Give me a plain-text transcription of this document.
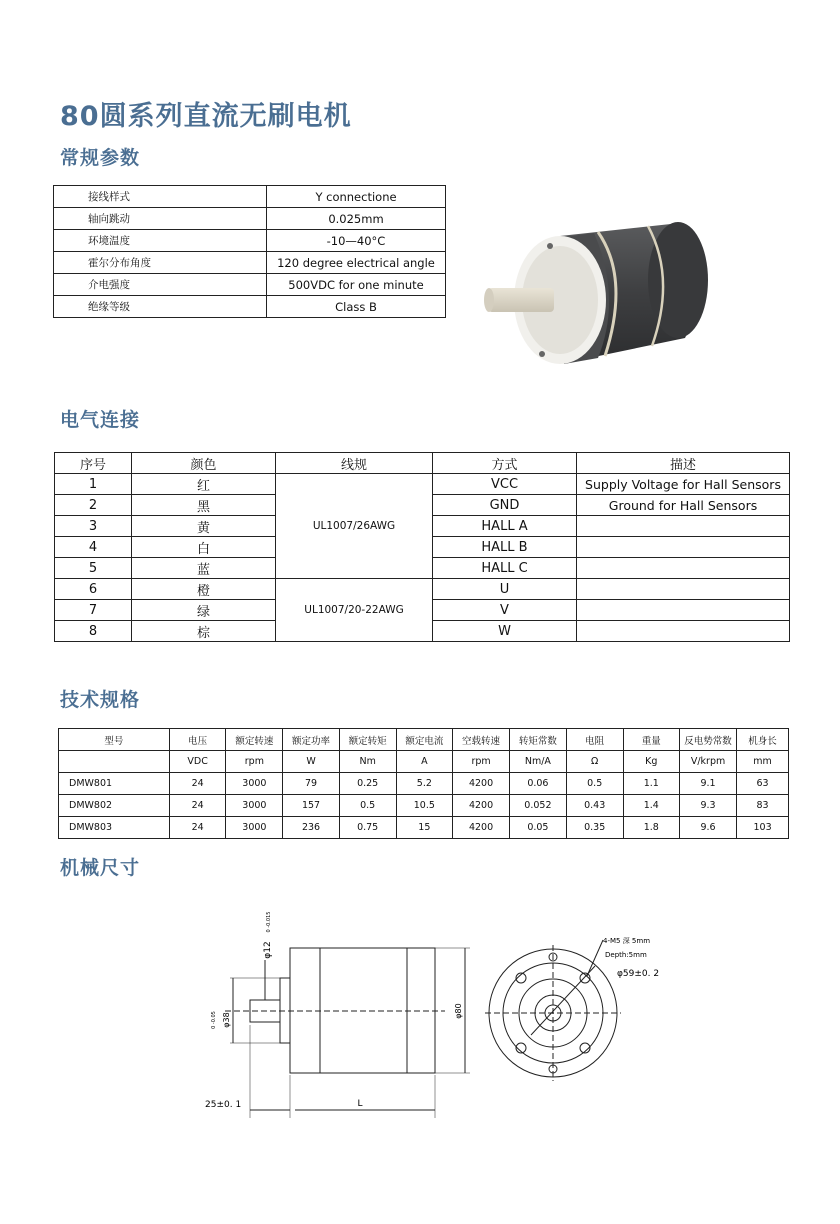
80圆系列直流无刷电机
常规参数
接线样式	Y connectione
轴向跳动	0.025mm
环境温度	-10—40°C
霍尔分布角度	120 degree electrical angle
介电强度	500VDC for one minute
绝缘等级	Class B
电气连接
序号	颜色	线规	方式	描述
1	红	UL1007/26AWG	VCC	Supply Voltage for Hall Sensors
2	黑		GND	Ground for Hall Sensors
3	黄		HALL A	
4	白		HALL B	
5	蓝		HALL C	
6	橙	UL1007/20-22AWG	U	
7	绿		V	
8	棕		W	
技术规格
型号	电压	额定转速	额定功率	额定转矩	额定电流	空载转速	转矩常数	电阻	重量	反电势常数	机身长
	VDC	rpm	W	Nm	A	rpm	Nm/A	Ω	Kg	V/krpm	mm
DMW801	24	3000	79	0.25	5.2	4200	0.06	0.5	1.1	9.1	63
DMW802	24	3000	157	0.5	10.5	4200	0.052	0.43	1.4	9.3	83
DMW803	24	3000	236	0.75	15	4200	0.05	0.35	1.8	9.6	103
机械尺寸
φ38
0 -0.05
φ12
0 -0.015
φ80
25±0. 1	L
4-M5 深 5mm
Depth:5mm
φ59±0. 2
